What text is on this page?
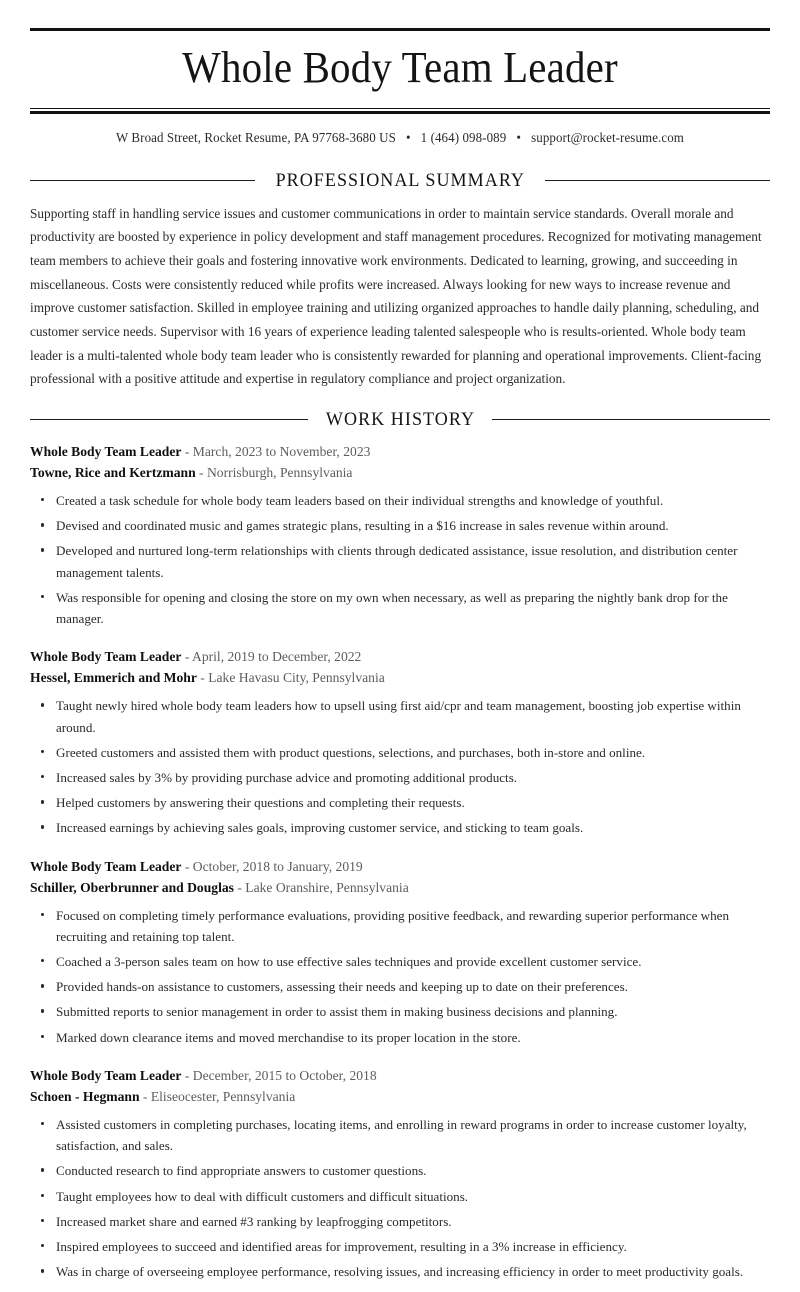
Whole Body Team Leader
W Broad Street, Rocket Resume, PA 97768-3680 US • 1 (464) 098-089 • support@rocket-resume.com
PROFESSIONAL SUMMARY

Supporting staff in handling service issues and customer communications in order to maintain service standards. Overall morale and productivity are boosted by experience in policy development and staff management procedures. Recognized for motivating management team members to achieve their goals and fostering innovative work environments. Dedicated to learning, growing, and succeeding in miscellaneous. Costs were consistently reduced while profits were increased. Always looking for new ways to increase revenue and improve customer satisfaction. Skilled in employee training and utilizing organized approaches to handle daily planning, scheduling, and customer service needs. Supervisor with 16 years of experience leading talented salespeople who is results-oriented. Whole body team leader is a multi-talented whole body team leader who is consistently rewarded for planning and operational improvements. Client-facing professional with a positive attitude and expertise in regulatory compliance and project organization.

WORK HISTORY
Whole Body Team Leader - March, 2023 to November, 2023
Towne, Rice and Kertzmann - Norrisburgh, Pennsylvania
Created a task schedule for whole body team leaders based on their individual strengths and knowledge of youthful.
Devised and coordinated music and games strategic plans, resulting in a $16 increase in sales revenue within around.
Developed and nurtured long-term relationships with clients through dedicated assistance, issue resolution, and distribution center management talents.
Was responsible for opening and closing the store on my own when necessary, as well as preparing the nightly bank drop for the manager.
Whole Body Team Leader - April, 2019 to December, 2022
Hessel, Emmerich and Mohr - Lake Havasu City, Pennsylvania
Taught newly hired whole body team leaders how to upsell using first aid/cpr and team management, boosting job expertise within around.
Greeted customers and assisted them with product questions, selections, and purchases, both in-store and online.
Increased sales by 3% by providing purchase advice and promoting additional products.
Helped customers by answering their questions and completing their requests.
Increased earnings by achieving sales goals, improving customer service, and sticking to team goals.
Whole Body Team Leader - October, 2018 to January, 2019
Schiller, Oberbrunner and Douglas - Lake Oranshire, Pennsylvania
Focused on completing timely performance evaluations, providing positive feedback, and rewarding superior performance when recruiting and retaining top talent.
Coached a 3-person sales team on how to use effective sales techniques and provide excellent customer service.
Provided hands-on assistance to customers, assessing their needs and keeping up to date on their preferences.
Submitted reports to senior management in order to assist them in making business decisions and planning.
Marked down clearance items and moved merchandise to its proper location in the store.
Whole Body Team Leader - December, 2015 to October, 2018
Schoen - Hegmann - Eliseocester, Pennsylvania
Assisted customers in completing purchases, locating items, and enrolling in reward programs in order to increase customer loyalty, satisfaction, and sales.
Conducted research to find appropriate answers to customer questions.
Taught employees how to deal with difficult customers and difficult situations.
Increased market share and earned #3 ranking by leapfrogging competitors.
Inspired employees to succeed and identified areas for improvement, resulting in a 3% increase in efficiency.
Was in charge of overseeing employee performance, resolving issues, and increasing efficiency in order to meet productivity goals.
